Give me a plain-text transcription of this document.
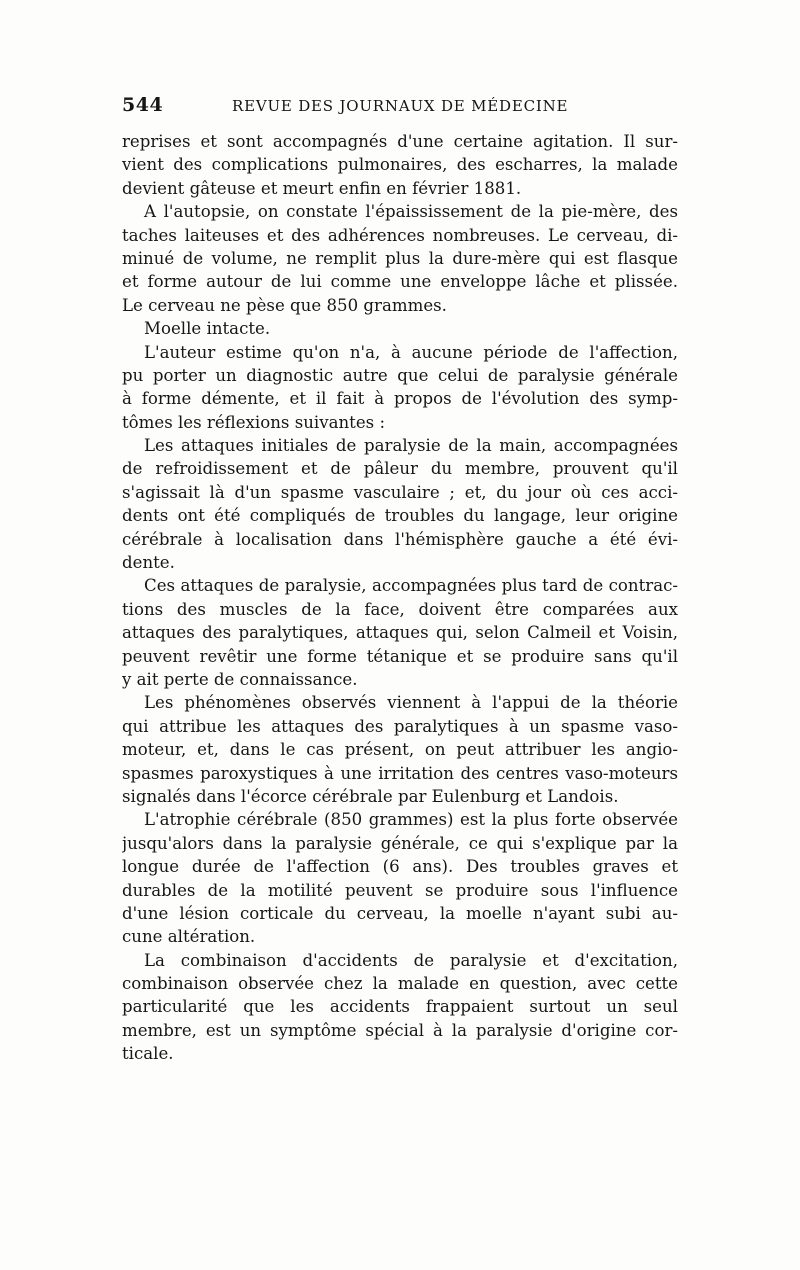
544	REVUE DES JOURNAUX DE MÉDECINE
reprises et sont accompagnés d'une certaine agitation. Il sur-
vient des complications pulmonaires, des escharres, la malade
devient gâteuse et meurt enfin en février 1881.
A l'autopsie, on constate l'épaississement de la pie-mère, des
taches laiteuses et des adhérences nombreuses. Le cerveau, di-
minué de volume, ne remplit plus la dure-mère qui est flasque
et forme autour de lui comme une enveloppe lâche et plissée.
Le cerveau ne pèse que 850 grammes.
Moelle intacte.
L'auteur estime qu'on n'a, à aucune période de l'affection,
pu porter un diagnostic autre que celui de paralysie générale
à forme démente, et il fait à propos de l'évolution des symp-
tômes les réflexions suivantes :
Les attaques initiales de paralysie de la main, accompagnées
de refroidissement et de pâleur du membre, prouvent qu'il
s'agissait là d'un spasme vasculaire ; et, du jour où ces acci-
dents ont été compliqués de troubles du langage, leur origine
cérébrale à localisation dans l'hémisphère gauche a été évi-
dente.
Ces attaques de paralysie, accompagnées plus tard de contrac-
tions des muscles de la face, doivent être comparées aux
attaques des paralytiques, attaques qui, selon Calmeil et Voisin,
peuvent revêtir une forme tétanique et se produire sans qu'il
y ait perte de connaissance.
Les phénomènes observés viennent à l'appui de la théorie
qui attribue les attaques des paralytiques à un spasme vaso-
moteur, et, dans le cas présent, on peut attribuer les angio-
spasmes paroxystiques à une irritation des centres vaso-moteurs
signalés dans l'écorce cérébrale par Eulenburg et Landois.
L'atrophie cérébrale (850 grammes) est la plus forte observée
jusqu'alors dans la paralysie générale, ce qui s'explique par la
longue durée de l'affection (6 ans). Des troubles graves et
durables de la motilité peuvent se produire sous l'influence
d'une lésion corticale du cerveau, la moelle n'ayant subi au-
cune altération.
La combinaison d'accidents de paralysie et d'excitation,
combinaison observée chez la malade en question, avec cette
particularité que les accidents frappaient surtout un seul
membre, est un symptôme spécial à la paralysie d'origine cor-
ticale.
